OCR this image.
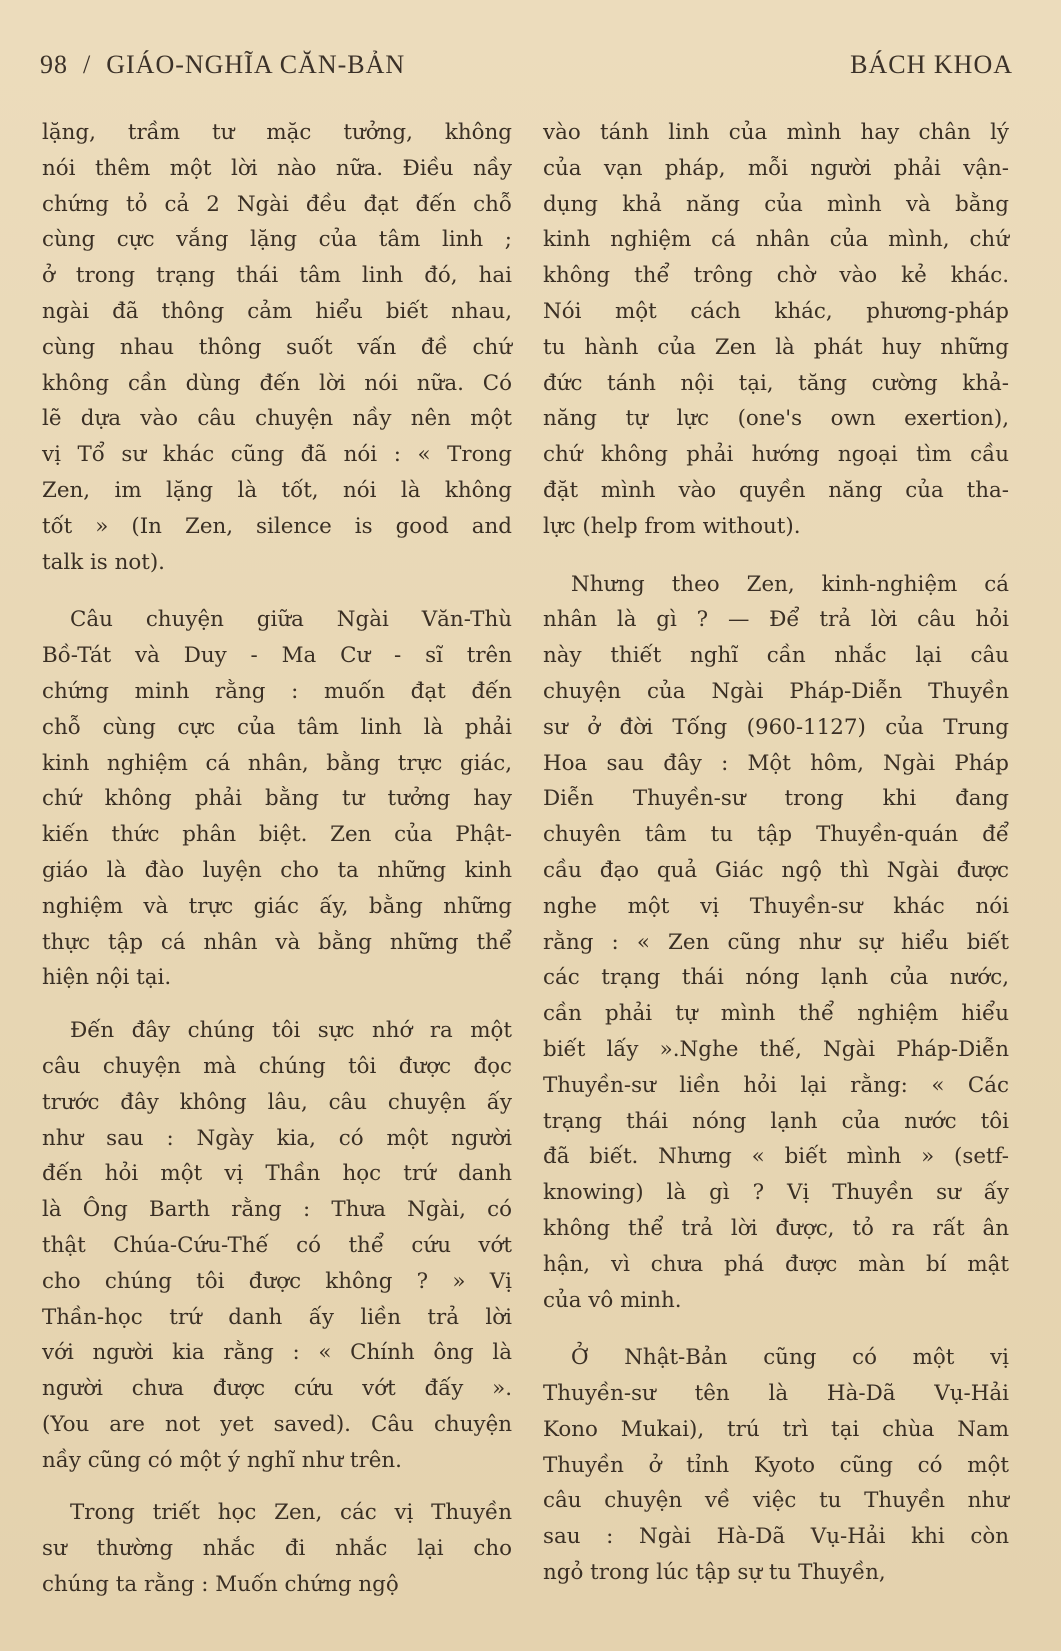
98 / GIÁO-NGHĨA CĂN-BẢN	BÁCH KHOA
lặng, trầm tư mặc tưởng, không
nói thêm một lời nào nữa. Điều nầy
chứng tỏ cả 2 Ngài đều đạt đến chỗ
cùng cực vắng lặng của tâm linh ;
ở trong trạng thái tâm linh đó, hai
ngài đã thông cảm hiểu biết nhau,
cùng nhau thông suốt vấn đề chứ
không cần dùng đến lời nói nữa. Có
lẽ dựa vào câu chuyện nầy nên một
vị Tổ sư khác cũng đã nói : « Trong
Zen, im lặng là tốt, nói là không
tốt » (In Zen, silence is good and
talk is not).
Câu chuyện giữa Ngài Văn-Thù
Bồ-Tát và Duy - Ma Cư - sĩ trên
chứng minh rằng : muốn đạt đến
chỗ cùng cực của tâm linh là phải
kinh nghiệm cá nhân, bằng trực giác,
chứ không phải bằng tư tưởng hay
kiến thức phân biệt. Zen của Phật-
giáo là đào luyện cho ta những kinh
nghiệm và trực giác ấy, bằng những
thực tập cá nhân và bằng những thể
hiện nội tại.
Đến đây chúng tôi sực nhớ ra một
câu chuyện mà chúng tôi được đọc
trước đây không lâu, câu chuyện ấy
như sau : Ngày kia, có một người
đến hỏi một vị Thần học trứ danh
là Ông Barth rằng : Thưa Ngài, có
thật Chúa-Cứu-Thế có thể cứu vớt
cho chúng tôi được không ? » Vị
Thần-học trứ danh ấy liền trả lời
với người kia rằng : « Chính ông là
người chưa được cứu vớt đấy ».
(You are not yet saved). Câu chuyện
nầy cũng có một ý nghĩ như trên.
Trong triết học Zen, các vị Thuyền
sư thường nhắc đi nhắc lại cho
chúng ta rằng : Muốn chứng ngộ
vào tánh linh của mình hay chân lý
của vạn pháp, mỗi người phải vận-
dụng khả năng của mình và bằng
kinh nghiệm cá nhân của mình, chứ
không thể trông chờ vào kẻ khác.
Nói một cách khác, phương-pháp
tu hành của Zen là phát huy những
đức tánh nội tại, tăng cường khả-
năng tự lực (one's own exertion),
chứ không phải hướng ngoại tìm cầu
đặt mình vào quyền năng của tha-
lực (help from without).
Nhưng theo Zen, kinh-nghiệm cá
nhân là gì ? — Để trả lời câu hỏi
này thiết nghĩ cần nhắc lại câu
chuyện của Ngài Pháp-Diễn Thuyền
sư ở đời Tống (960-1127) của Trung
Hoa sau đây : Một hôm, Ngài Pháp
Diễn Thuyền-sư trong khi đang
chuyên tâm tu tập Thuyền-quán để
cầu đạo quả Giác ngộ thì Ngài được
nghe một vị Thuyền-sư khác nói
rằng : « Zen cũng như sự hiểu biết
các trạng thái nóng lạnh của nước,
cần phải tự mình thể nghiệm hiểu
biết lấy ».Nghe thế, Ngài Pháp-Diễn
Thuyền-sư liền hỏi lại rằng: « Các
trạng thái nóng lạnh của nước tôi
đã biết. Nhưng « biết mình » (setf-
knowing) là gì ? Vị Thuyền sư ấy
không thể trả lời được, tỏ ra rất ân
hận, vì chưa phá được màn bí mật
của vô minh.
Ở Nhật-Bản cũng có một vị
Thuyền-sư tên là Hà-Dã Vụ-Hải
Kono Mukai), trú trì tại chùa Nam
Thuyền ở tỉnh Kyoto cũng có một
câu chuyện về việc tu Thuyền như
sau : Ngài Hà-Dã Vụ-Hải khi còn
ngỏ trong lúc tập sự tu Thuyền,
